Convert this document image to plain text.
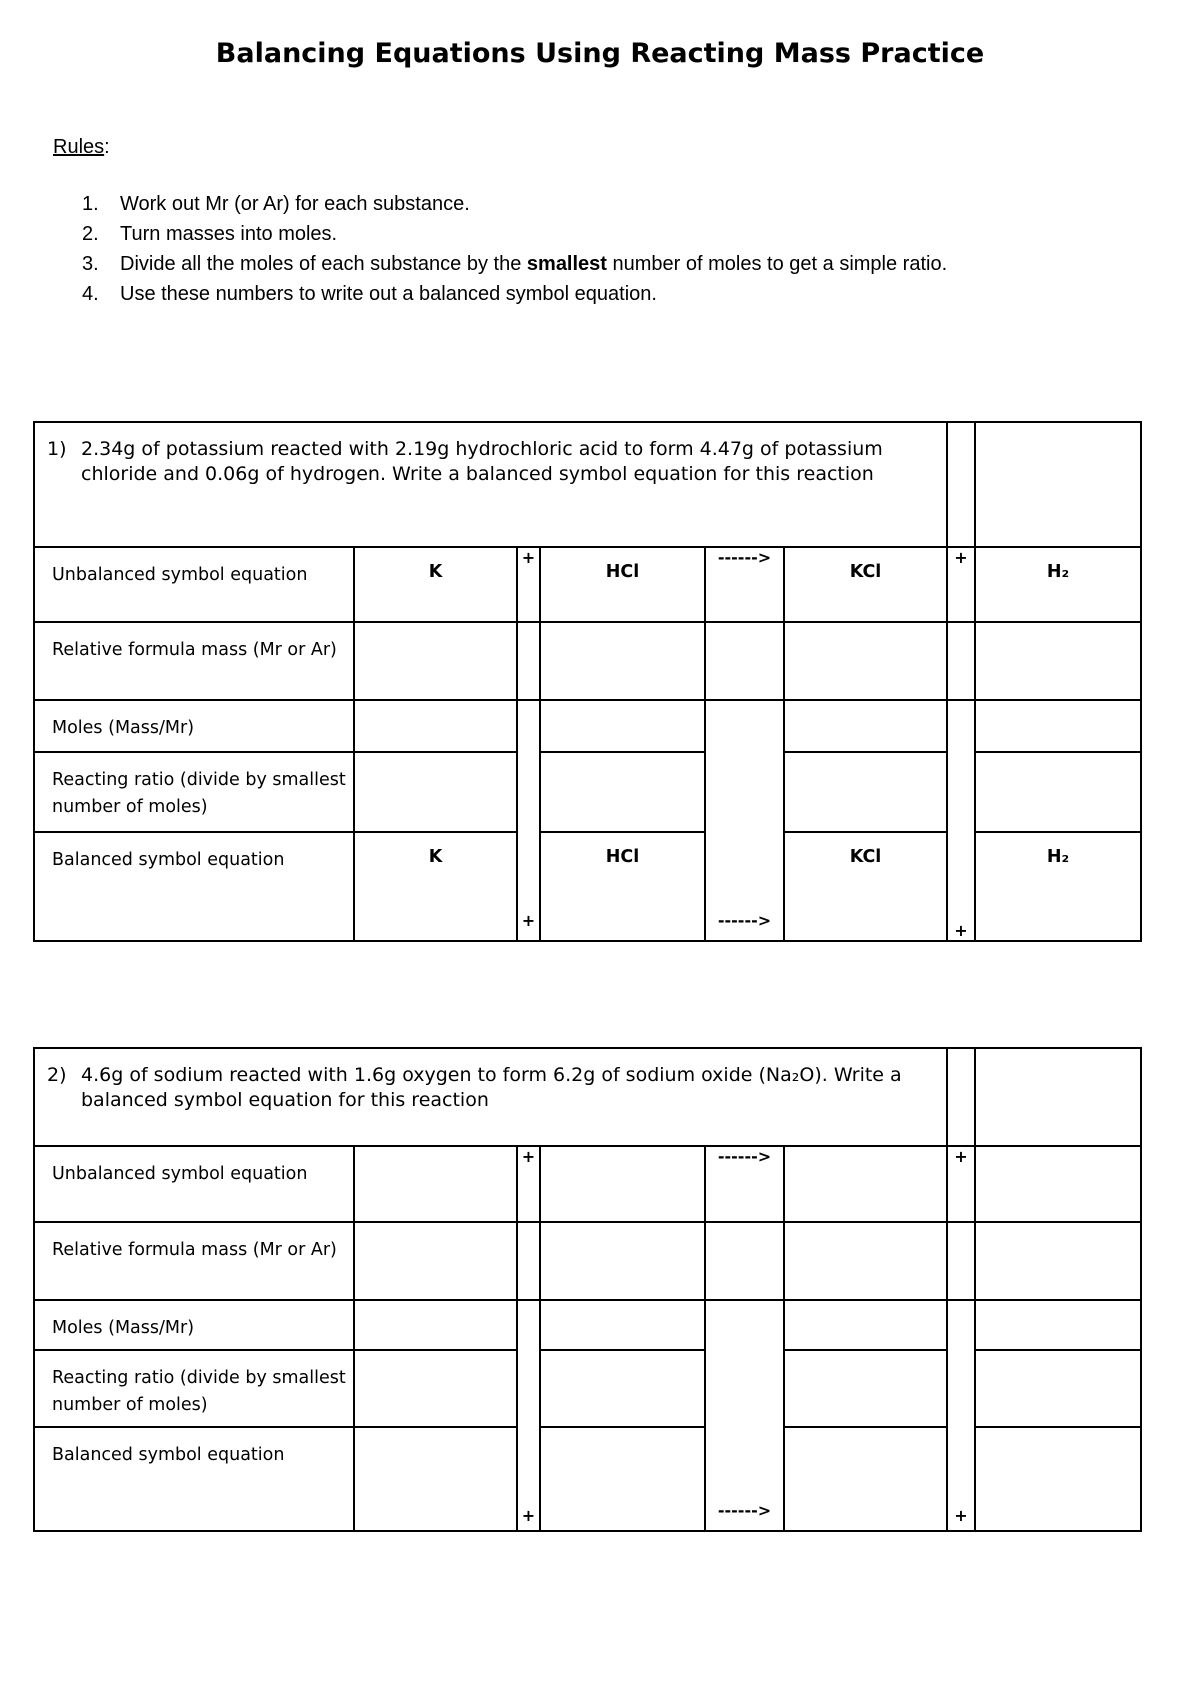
Balancing Equations Using Reacting Mass Practice
Rules:
1. Work out Mr (or Ar) for each substance.
2. Turn masses into moles.
3. Divide all the moles of each substance by the smallest number of moles to get a simple ratio.
4. Use these numbers to write out a balanced symbol equation.
1) 2.34g of potassium reacted with 2.19g hydrochloric acid to form 4.47g of potassium chloride and 0.06g of hydrogen. Write a balanced symbol equation for this reaction							
Unbalanced symbol equation	K	+	HCl	------>	KCl	+	H₂
Relative formula mass (Mr or Ar)							
Moles (Mass/Mr)		+		------>		+	
Reacting ratio (divide by smallest number of moles)							
Balanced symbol equation	K		HCl		KCl		H₂
2) 4.6g of sodium reacted with 1.6g oxygen to form 6.2g of sodium oxide (Na₂O). Write a balanced symbol equation for this reaction							
Unbalanced symbol equation		+		------>		+	
Relative formula mass (Mr or Ar)							
Moles (Mass/Mr)		+		------>		+	
Reacting ratio (divide by smallest number of moles)							
Balanced symbol equation							
